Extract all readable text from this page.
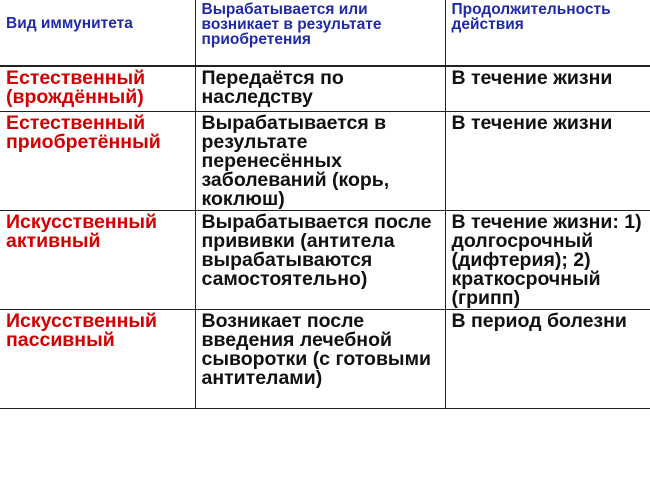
Вид иммунитета	Вырабатывается или возникает в результате приобретения	Продолжительность действия
Естественный (врождённый)	Передаётся по наследству	В течение жизни
Естественный приобретённый	Вырабатывается в результате перенесённых заболеваний (корь, коклюш)	В течение жизни
Искусственный активный	Вырабатывается после прививки (антитела вырабатываются самостоятельно)	В течение жизни: 1) долгосрочный (дифтерия); 2) краткосрочный (грипп)
Искусственный пассивный	Возникает после введения лечебной сыворотки (с готовыми антителами)	В период болезни
